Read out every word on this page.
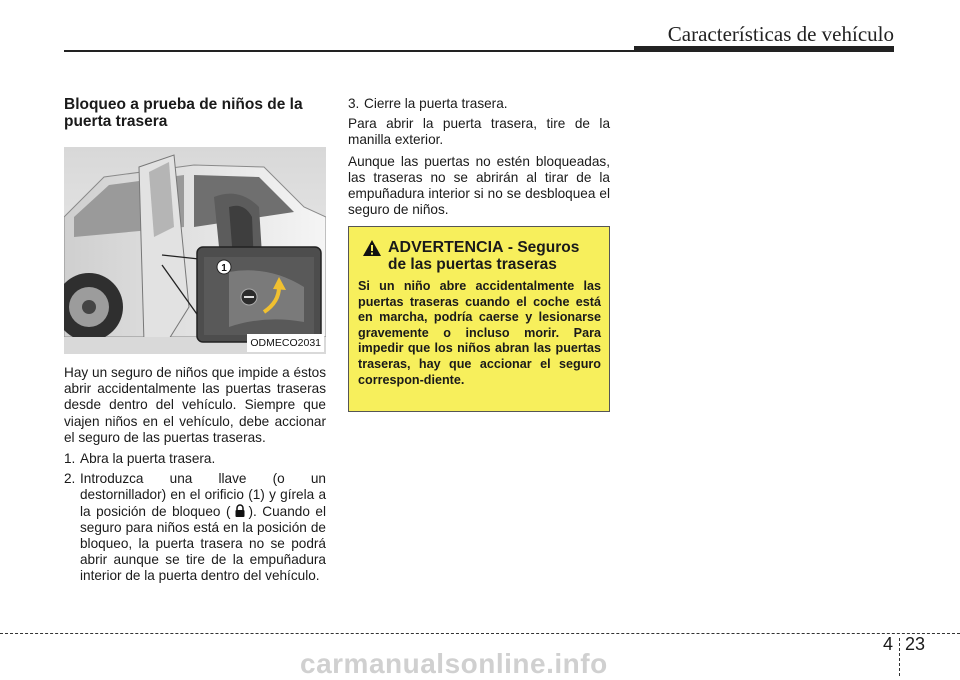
Características de vehículo
Bloqueo a prueba de niños de la puerta trasera
1
ODMECO2031

Hay un seguro de niños que impide a éstos abrir accidentalmente las puertas traseras desde dentro del vehículo. Siempre que viajen niños en el vehículo, debe accionar el seguro de las puertas traseras.

1. Abra la puerta trasera.
2. Introduzca una llave (o un destornillador) en el orificio (1) y gírela a la posición de bloqueo ( ). Cuando el seguro para niños está en la posición de bloqueo, la puerta trasera no se podrá abrir aunque se tire de la empuñadura interior de la puerta dentro del vehículo.
3. Cierre la puerta trasera.

Para abrir la puerta trasera, tire de la manilla exterior.

Aunque las puertas no estén bloqueadas, las traseras no se abrirán al tirar de la empuñadura interior si no se desbloquea el seguro de niños.

ADVERTENCIA - Seguros
de las puertas traseras
Si un niño abre accidentalmente las puertas traseras cuando el coche está en marcha, podría caerse y lesionarse gravemente o incluso morir. Para impedir que los niños abran las puertas traseras, hay que accionar el seguro correspon-diente.
4 23
carmanualsonline.info
